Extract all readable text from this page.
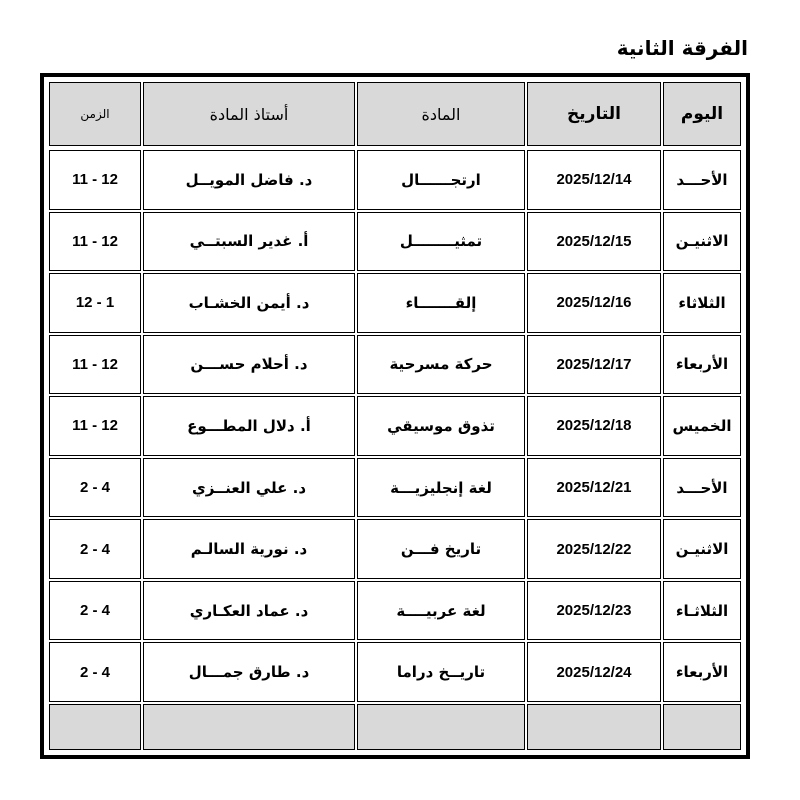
الفرقة الثانية
اليوم	التاريخ	المادة	أستاذ المادة	الزمن

الأحـــد	2025/12/14	ارتجــــــال	د. فاضل المويــل	11 - 12
الاثنيـن	2025/12/15	تمثيــــــــل	أ. غدير السبتــي	11 - 12
الثلاثاء	2025/12/16	إلقـــــــاء	د. أيمن الخشـاب	12 - 1
الأربعاء	2025/12/17	حركة مسرحية	د. أحلام حســـن	11 - 12
الخميس	2025/12/18	تذوق موسيقي	أ. دلال المطـــوع	11 - 12
الأحـــد	2025/12/21	لغة إنجليزيـــة	د. علي العنــزي	2 - 4
الاثنيـن	2025/12/22	تاريخ فـــن	د. نورية السالـم	2 - 4
الثلاثـاء	2025/12/23	لغة عربيــــة	د. عماد العكـاري	2 - 4
الأربعاء	2025/12/24	تاريــخ دراما	د. طارق جمـــال	2 - 4
